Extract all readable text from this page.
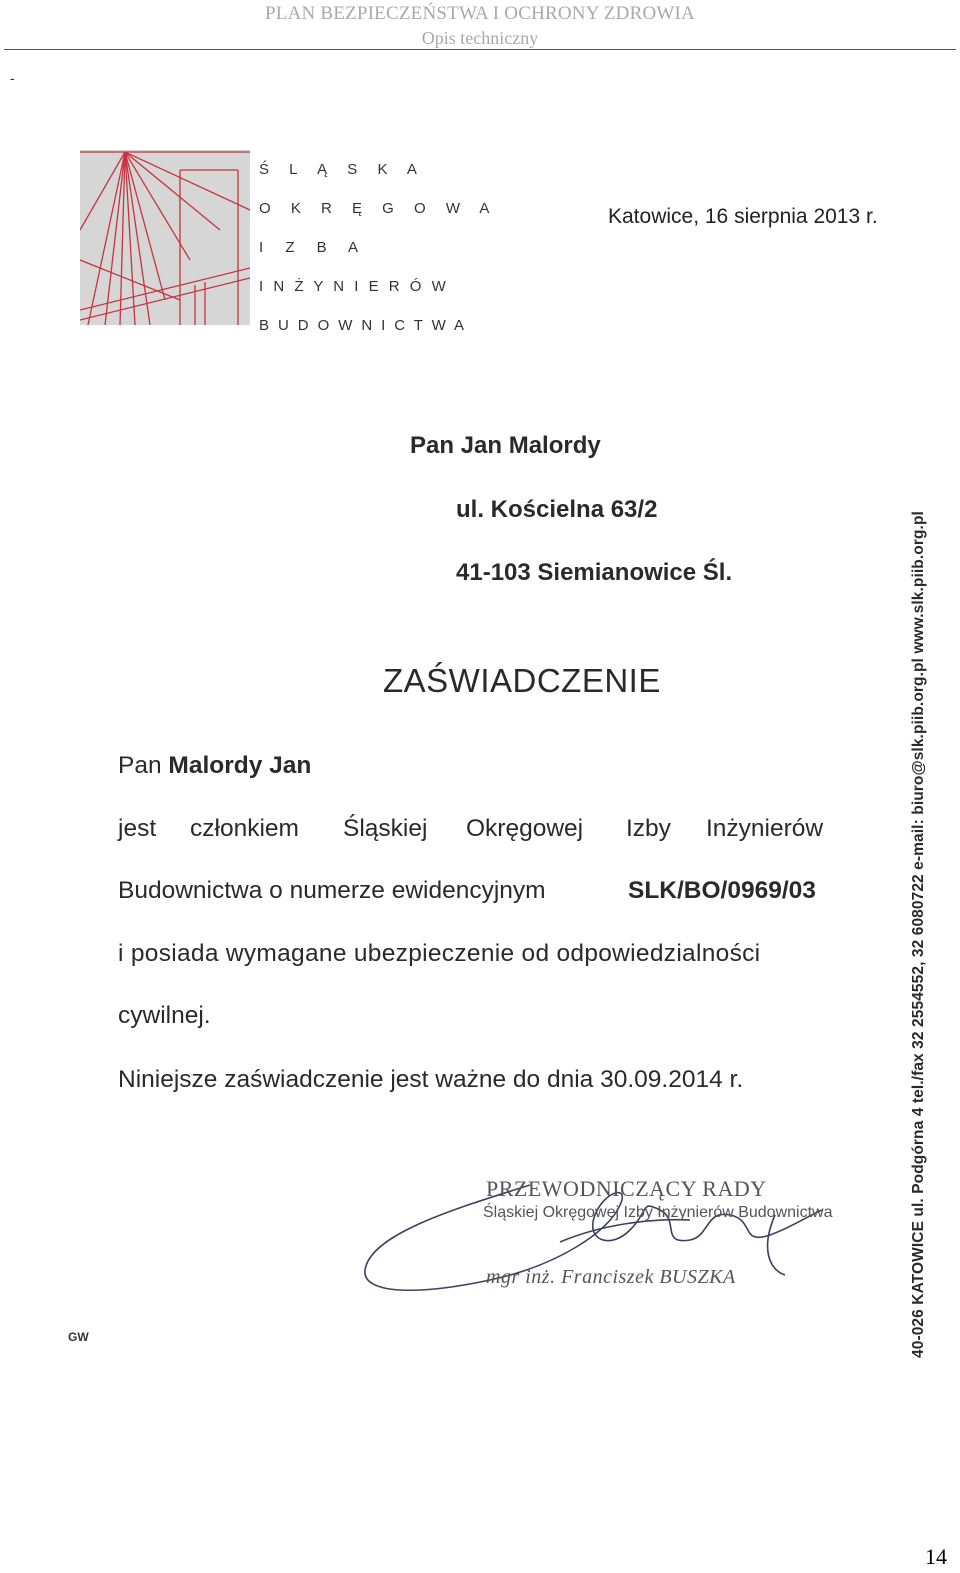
PLAN BEZPIECZEŃSTWA I OCHRONY ZDROWIA
Opis techniczny
-
Ś L Ą S K A
O K R Ę G O W A
I Z B A
I N Ż Y N I E R Ó W
B U D O W N I C T W A
Katowice, 16 sierpnia 2013 r.
Pan Jan Malordy
ul. Kościelna 63/2
41-103 Siemianowice Śl.
ZAŚWIADCZENIE
Pan Malordy Jan
jest członkiem Śląskiej Okręgowej Izby Inżynierów
Budownictwa o numerze ewidencyjnym	SLK/BO/0969/03
i posiada wymagane ubezpieczenie od odpowiedzialności
cywilnej.
Niniejsze zaświadczenie jest ważne do dnia 30.09.2014 r.
PRZEWODNICZĄCY RADY
Śląskiej Okręgowej Izby Inżynierów Budownictwa
mgr inż. Franciszek BUSZKA	40-026 KATOWICE ul. Podgórna 4 tel./fax 32 2554552, 32 6080722 e-mail: biuro@slk.piib.org.pl www.slk.piib.org.pl
GW
14
